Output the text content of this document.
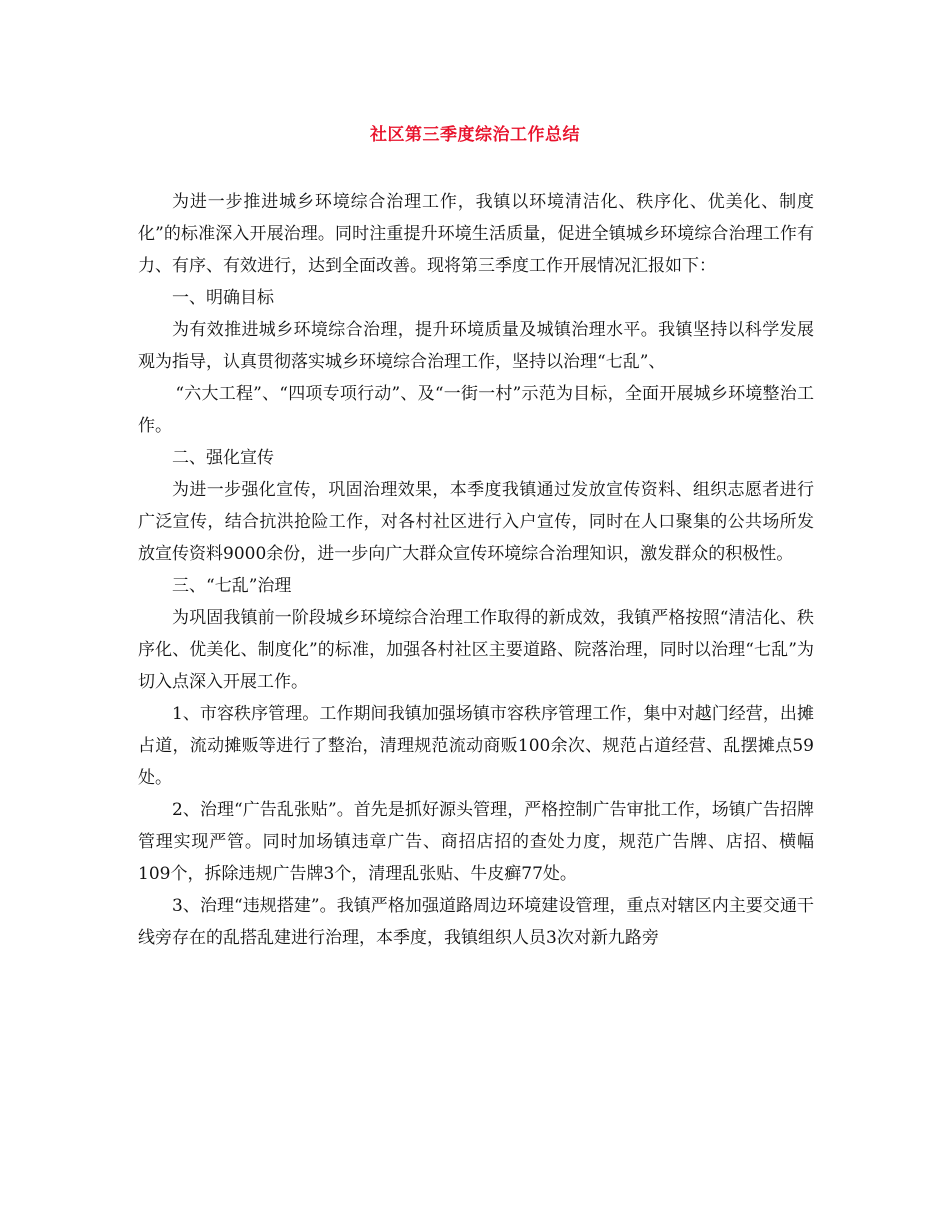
社区第三季度综治工作总结

为进一步推进城乡环境综合治理工作，我镇以环境清洁化、秩序化、优美化、制度化”的标准深入开展治理。同时注重提升环境生活质量，促进全镇城乡环境综合治理工作有力、有序、有效进行，达到全面改善。现将第三季度工作开展情况汇报如下：

一、明确目标

为有效推进城乡环境综合治理，提升环境质量及城镇治理水平。我镇坚持以科学发展观为指导，认真贯彻落实城乡环境综合治理工作，坚持以治理“七乱”、

“六大工程”、“四项专项行动”、及“一街一村”示范为目标，全面开展城乡环境整治工作。

二、强化宣传

为进一步强化宣传，巩固治理效果，本季度我镇通过发放宣传资料、组织志愿者进行广泛宣传，结合抗洪抢险工作，对各村社区进行入户宣传，同时在人口聚集的公共场所发放宣传资料9000余份，进一步向广大群众宣传环境综合治理知识，激发群众的积极性。

三、“七乱”治理

为巩固我镇前一阶段城乡环境综合治理工作取得的新成效，我镇严格按照“清洁化、秩序化、优美化、制度化”的标准，加强各村社区主要道路、院落治理，同时以治理“七乱”为切入点深入开展工作。

1、市容秩序管理。工作期间我镇加强场镇市容秩序管理工作，集中对越门经营，出摊占道，流动摊贩等进行了整治，清理规范流动商贩100余次、规范占道经营、乱摆摊点59处。

2、治理“广告乱张贴”。首先是抓好源头管理，严格控制广告审批工作，场镇广告招牌管理实现严管。同时加场镇违章广告、商招店招的查处力度，规范广告牌、店招、横幅109个，拆除违规广告牌3个，清理乱张贴、牛皮癣77处。

3、治理“违规搭建”。我镇严格加强道路周边环境建设管理，重点对辖区内主要交通干线旁存在的乱搭乱建进行治理，本季度，我镇组织人员3次对新九路旁
